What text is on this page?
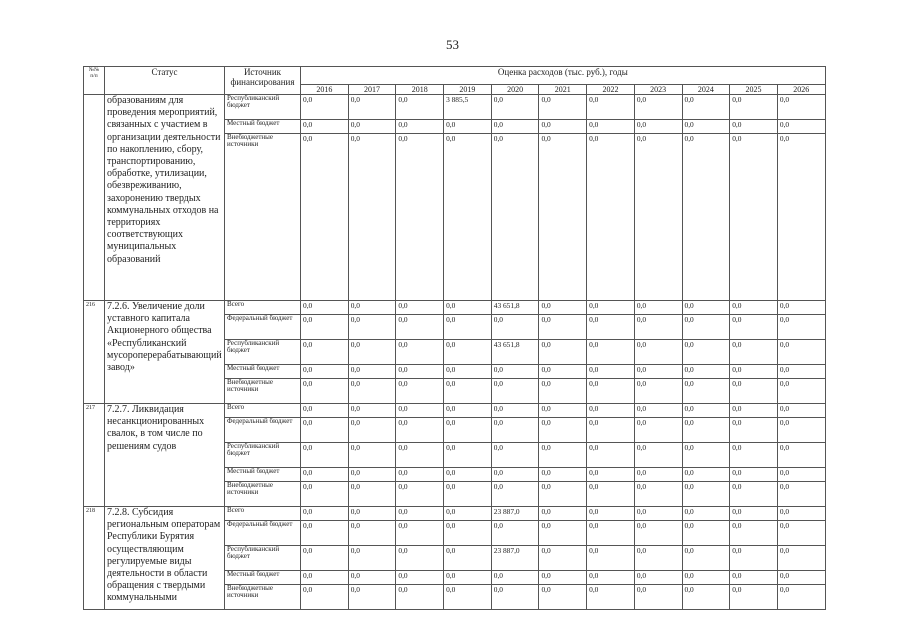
53
№№ п/п	Статус	Источник финансирования	Оценка расходов (тыс. руб.), годы										
			2016	2017	2018	2019	2020	2021	2022	2023	2024	2025	2026
	образованиям для проведения мероприятий, связанных с участием в организации деятельности по накоплению, сбору, транспортированию, обработке, утилизации, обезвреживанию, захоронению твердых коммунальных отходов на территориях соответствующих муниципальных образований	Республиканский бюджет	0,0	0,0	0,0	3 885,5	0,0	0,0	0,0	0,0	0,0	0,0	0,0
		Местный бюджет	0,0	0,0	0,0	0,0	0,0	0,0	0,0	0,0	0,0	0,0	0,0
		Внебюджетные источники	0,0	0,0	0,0	0,0	0,0	0,0	0,0	0,0	0,0	0,0	0,0
216	7.2.6. Увеличение доли уставного капитала Акционерного общества «Республиканский мусороперерабатывающий завод»	Всего	0,0	0,0	0,0	0,0	43 651,8	0,0	0,0	0,0	0,0	0,0	0,0
		Федеральный бюджет	0,0	0,0	0,0	0,0	0,0	0,0	0,0	0,0	0,0	0,0	0,0
		Республиканский бюджет	0,0	0,0	0,0	0,0	43 651,8	0,0	0,0	0,0	0,0	0,0	0,0
		Местный бюджет	0,0	0,0	0,0	0,0	0,0	0,0	0,0	0,0	0,0	0,0	0,0
		Внебюджетные источники	0,0	0,0	0,0	0,0	0,0	0,0	0,0	0,0	0,0	0,0	0,0
217	7.2.7. Ликвидация несанкционированных свалок, в том числе по решениям судов	Всего	0,0	0,0	0,0	0,0	0,0	0,0	0,0	0,0	0,0	0,0	0,0
		Федеральный бюджет	0,0	0,0	0,0	0,0	0,0	0,0	0,0	0,0	0,0	0,0	0,0
		Республиканский бюджет	0,0	0,0	0,0	0,0	0,0	0,0	0,0	0,0	0,0	0,0	0,0
		Местный бюджет	0,0	0,0	0,0	0,0	0,0	0,0	0,0	0,0	0,0	0,0	0,0
		Внебюджетные источники	0,0	0,0	0,0	0,0	0,0	0,0	0,0	0,0	0,0	0,0	0,0
218	7.2.8. Субсидия региональным операторам Республики Бурятия осуществляющим регулируемые виды деятельности в области обращения с твердыми коммунальными	Всего	0,0	0,0	0,0	0,0	23 887,0	0,0	0,0	0,0	0,0	0,0	0,0
		Федеральный бюджет	0,0	0,0	0,0	0,0	0,0	0,0	0,0	0,0	0,0	0,0	0,0
		Республиканский бюджет	0,0	0,0	0,0	0,0	23 887,0	0,0	0,0	0,0	0,0	0,0	0,0
		Местный бюджет	0,0	0,0	0,0	0,0	0,0	0,0	0,0	0,0	0,0	0,0	0,0
		Внебюджетные источники	0,0	0,0	0,0	0,0	0,0	0,0	0,0	0,0	0,0	0,0	0,0
